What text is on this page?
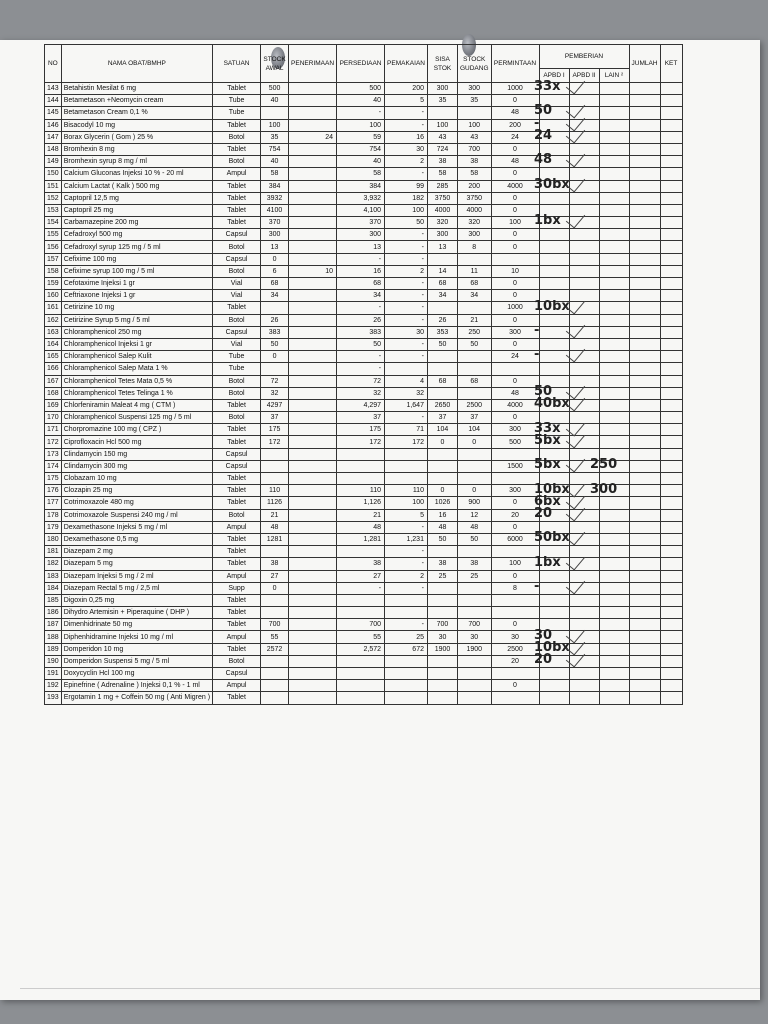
NO	NAMA OBAT/BMHP	SATUAN	STOCK AWAL	PENERIMAAN	PERSEDIAAN	PEMAKAIAN	SISA STOK	STOCK GUDANG	PERMINTAAN	PEMBERIAN			JUMLAH	KET
										APBD I	APBD II	LAIN ²		
143	Betahistin Mesilat 6 mg	Tablet	500		500	200	300	300	1000					
144	Betametason +Neomycin cream	Tube	40		40	5	35	35	0					
145	Betametason Cream 0,1 %	Tube			-	-			48					
146	Bisacodyl 10 mg	Tablet	100		100	-	100	100	200					
147	Borax Glycerin ( Gom ) 25 %	Botol	35	24	59	16	43	43	24					
148	Bromhexin 8 mg	Tablet	754		754	30	724	700	0					
149	Bromhexin syrup 8 mg / ml	Botol	40		40	2	38	38	48					
150	Calcium Gluconas Injeksi 10 % - 20 ml	Ampul	58		58	-	58	58	0					
151	Calcium Lactat ( Kalk ) 500 mg	Tablet	384		384	99	285	200	4000					
152	Captopril 12,5 mg	Tablet	3932		3,932	182	3750	3750	0					
153	Captopril 25 mg	Tablet	4100		4,100	100	4000	4000	0					
154	Carbamazepine 200 mg	Tablet	370		370	50	320	320	100					
155	Cefadroxyl 500 mg	Capsul	300		300	-	300	300	0					
156	Cefadroxyl syrup 125 mg / 5 ml	Botol	13		13	-	13	8	0					
157	Cefixime 100 mg	Capsul	0		-	-								
158	Cefixime syrup 100 mg / 5 ml	Botol	6	10	16	2	14	11	10					
159	Cefotaxime Injeksi 1 gr	Vial	68		68	-	68	68	0					
160	Ceftriaxone Injeksi 1 gr	Vial	34		34	-	34	34	0					
161	Cetirizine 10 mg	Tablet			-	-			1000					
162	Cetirizine Syrup 5 mg / 5 ml	Botol	26		26	-	26	21	0					
163	Chloramphenicol 250 mg	Capsul	383		383	30	353	250	300					
164	Chloramphenicol Injeksi 1 gr	Vial	50		50	-	50	50	0					
165	Chloramphenicol Salep Kulit	Tube	0		-	-			24					
166	Chloramphenicol Salep Mata 1 %	Tube			-									
167	Chloramphenicol Tetes Mata 0,5 %	Botol	72		72	4	68	68	0					
168	Chloramphenicol Tetes Telinga 1 %	Botol	32		32	32			48					
169	Chlorfeniramin Maleat 4 mg ( CTM )	Tablet	4297		4,297	1,647	2650	2500	4000					
170	Chloramphenicol Suspensi 125 mg / 5 ml	Botol	37		37	-	37	37	0					
171	Chorpromazine 100 mg ( CPZ )	Tablet	175		175	71	104	104	300					
172	Ciprofloxacin Hcl 500 mg	Tablet	172		172	172	0	0	500					
173	Clindamycin 150 mg	Capsul												
174	Clindamycin 300 mg	Capsul							1500					
175	Clobazam 10 mg	Tablet												
176	Clozapin 25 mg	Tablet	110		110	110	0	0	300					
177	Cotrimoxazole 480 mg	Tablet	1126		1,126	100	1026	900	0					
178	Cotrimoxazole Suspensi 240 mg / ml	Botol	21		21	5	16	12	20					
179	Dexamethasone Injeksi 5 mg / ml	Ampul	48		48	-	48	48	0					
180	Dexamethasone 0,5 mg	Tablet	1281		1,281	1,231	50	50	6000					
181	Diazepam 2 mg	Tablet				-								
182	Diazepam 5 mg	Tablet	38		38	-	38	38	100					
183	Diazepam Injeksi 5 mg / 2 ml	Ampul	27		27	2	25	25	0					
184	Diazepam Rectal 5 mg / 2,5 ml	Supp	0		-	-			8					
185	Digoxin 0,25 mg	Tablet												
186	Dihydro Artemisin + Piperaquine ( DHP )	Tablet												
187	Dimenhidrinate 50 mg	Tablet	700		700	-	700	700	0					
188	Diphenhidramine Injeksi 10 mg / ml	Ampul	55		55	25	30	30	30					
189	Domperidon 10 mg	Tablet	2572		2,572	672	1900	1900	2500					
190	Domperidon Suspensi 5 mg / 5 ml	Botol							20					
191	Doxycyclin Hcl 100 mg	Capsul												
192	Epinefrine ( Adrenaline ) Injeksi 0,1 % - 1 ml	Ampul							0					
193	Ergotamin 1 mg + Coffein 50 mg ( Anti Migren )	Tablet												
33x
50
-
24
48
30bx
1bx
10bx
-
-
50
40bx
33x
5bx
5bx 250
10bx 300
6bx
20
50bx
1bx
-
30
10bx
20
